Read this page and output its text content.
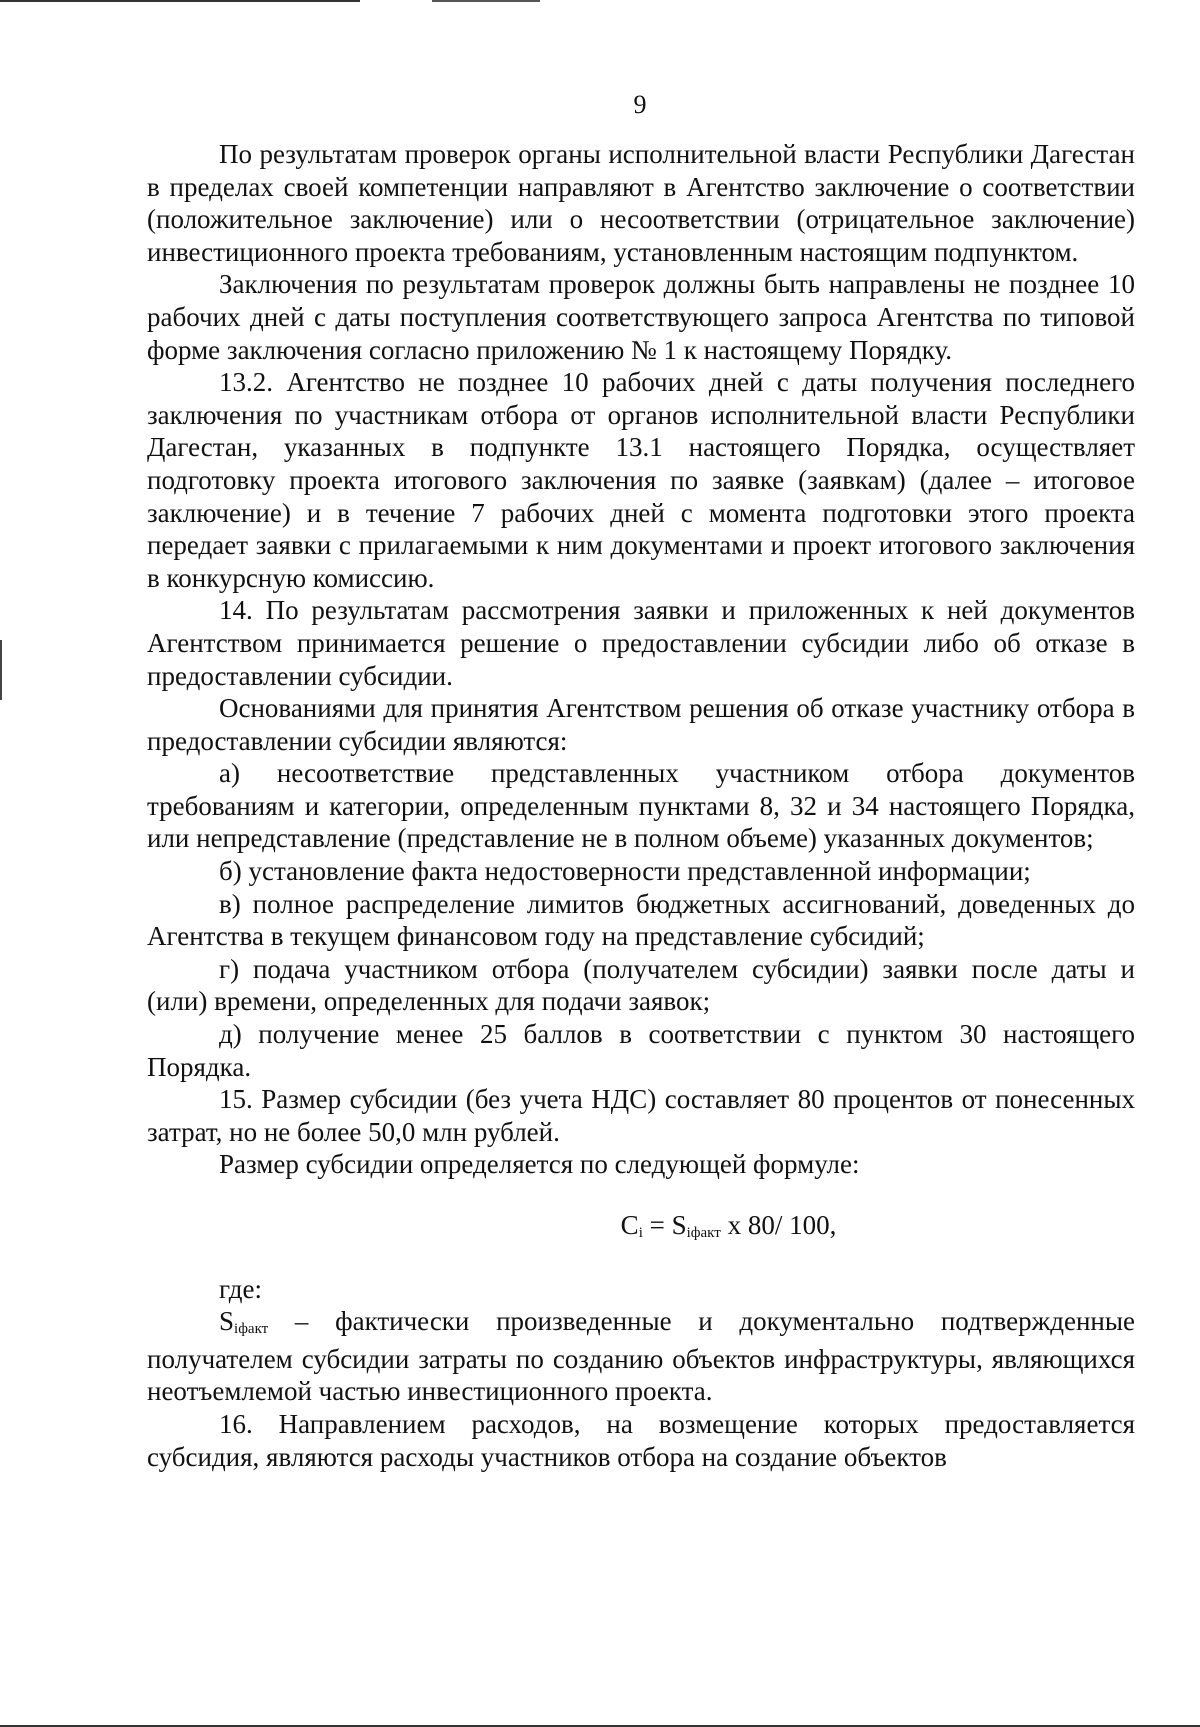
9

По результатам проверок органы исполнительной власти Республики Дагестан в пределах своей компетенции направляют в Агентство заключение о соответствии (положительное заключение) или о несоответствии (отрицательное заключение) инвестиционного проекта требованиям, установленным настоящим подпунктом.

Заключения по результатам проверок должны быть направлены не позднее 10 рабочих дней с даты поступления соответствующего запроса Агентства по типовой форме заключения согласно приложению № 1 к настоящему Порядку.

13.2. Агентство не позднее 10 рабочих дней с даты получения последнего заключения по участникам отбора от органов исполнительной власти Республики Дагестан, указанных в подпункте 13.1 настоящего Порядка, осуществляет подготовку проекта итогового заключения по заявке (заявкам) (далее – итоговое заключение) и в течение 7 рабочих дней с момента подготовки этого проекта передает заявки с прилагаемыми к ним документами и проект итогового заключения в конкурсную комиссию.

14. По результатам рассмотрения заявки и приложенных к ней документов Агентством принимается решение о предоставлении субсидии либо об отказе в предоставлении субсидии.

Основаниями для принятия Агентством решения об отказе участнику отбора в предоставлении субсидии являются:

а) несоответствие представленных участником отбора документов требованиям и категории, определенным пунктами 8, 32 и 34 настоящего Порядка, или непредставление (представление не в полном объеме) указанных документов;

б) установление факта недостоверности представленной информации;

в) полное распределение лимитов бюджетных ассигнований, доведенных до Агентства в текущем финансовом году на представление субсидий;

г) подача участником отбора (получателем субсидии) заявки после даты и (или) времени, определенных для подачи заявок;

д) получение менее 25 баллов в соответствии с пунктом 30 настоящего Порядка.

15. Размер субсидии (без учета НДС) составляет 80 процентов от понесенных затрат, но не более 50,0 млн рублей.

Размер субсидии определяется по следующей формуле:

$C_i = S_{iфакт}$ х 80/ 100,

где:

$S_{iфакт}$ – фактически произведенные и документально подтвержденные получателем субсидии затраты по созданию объектов инфраструктуры, являющихся неотъемлемой частью инвестиционного проекта.

16. Направлением расходов, на возмещение которых предоставляется субсидия, являются расходы участников отбора на создание объектов
